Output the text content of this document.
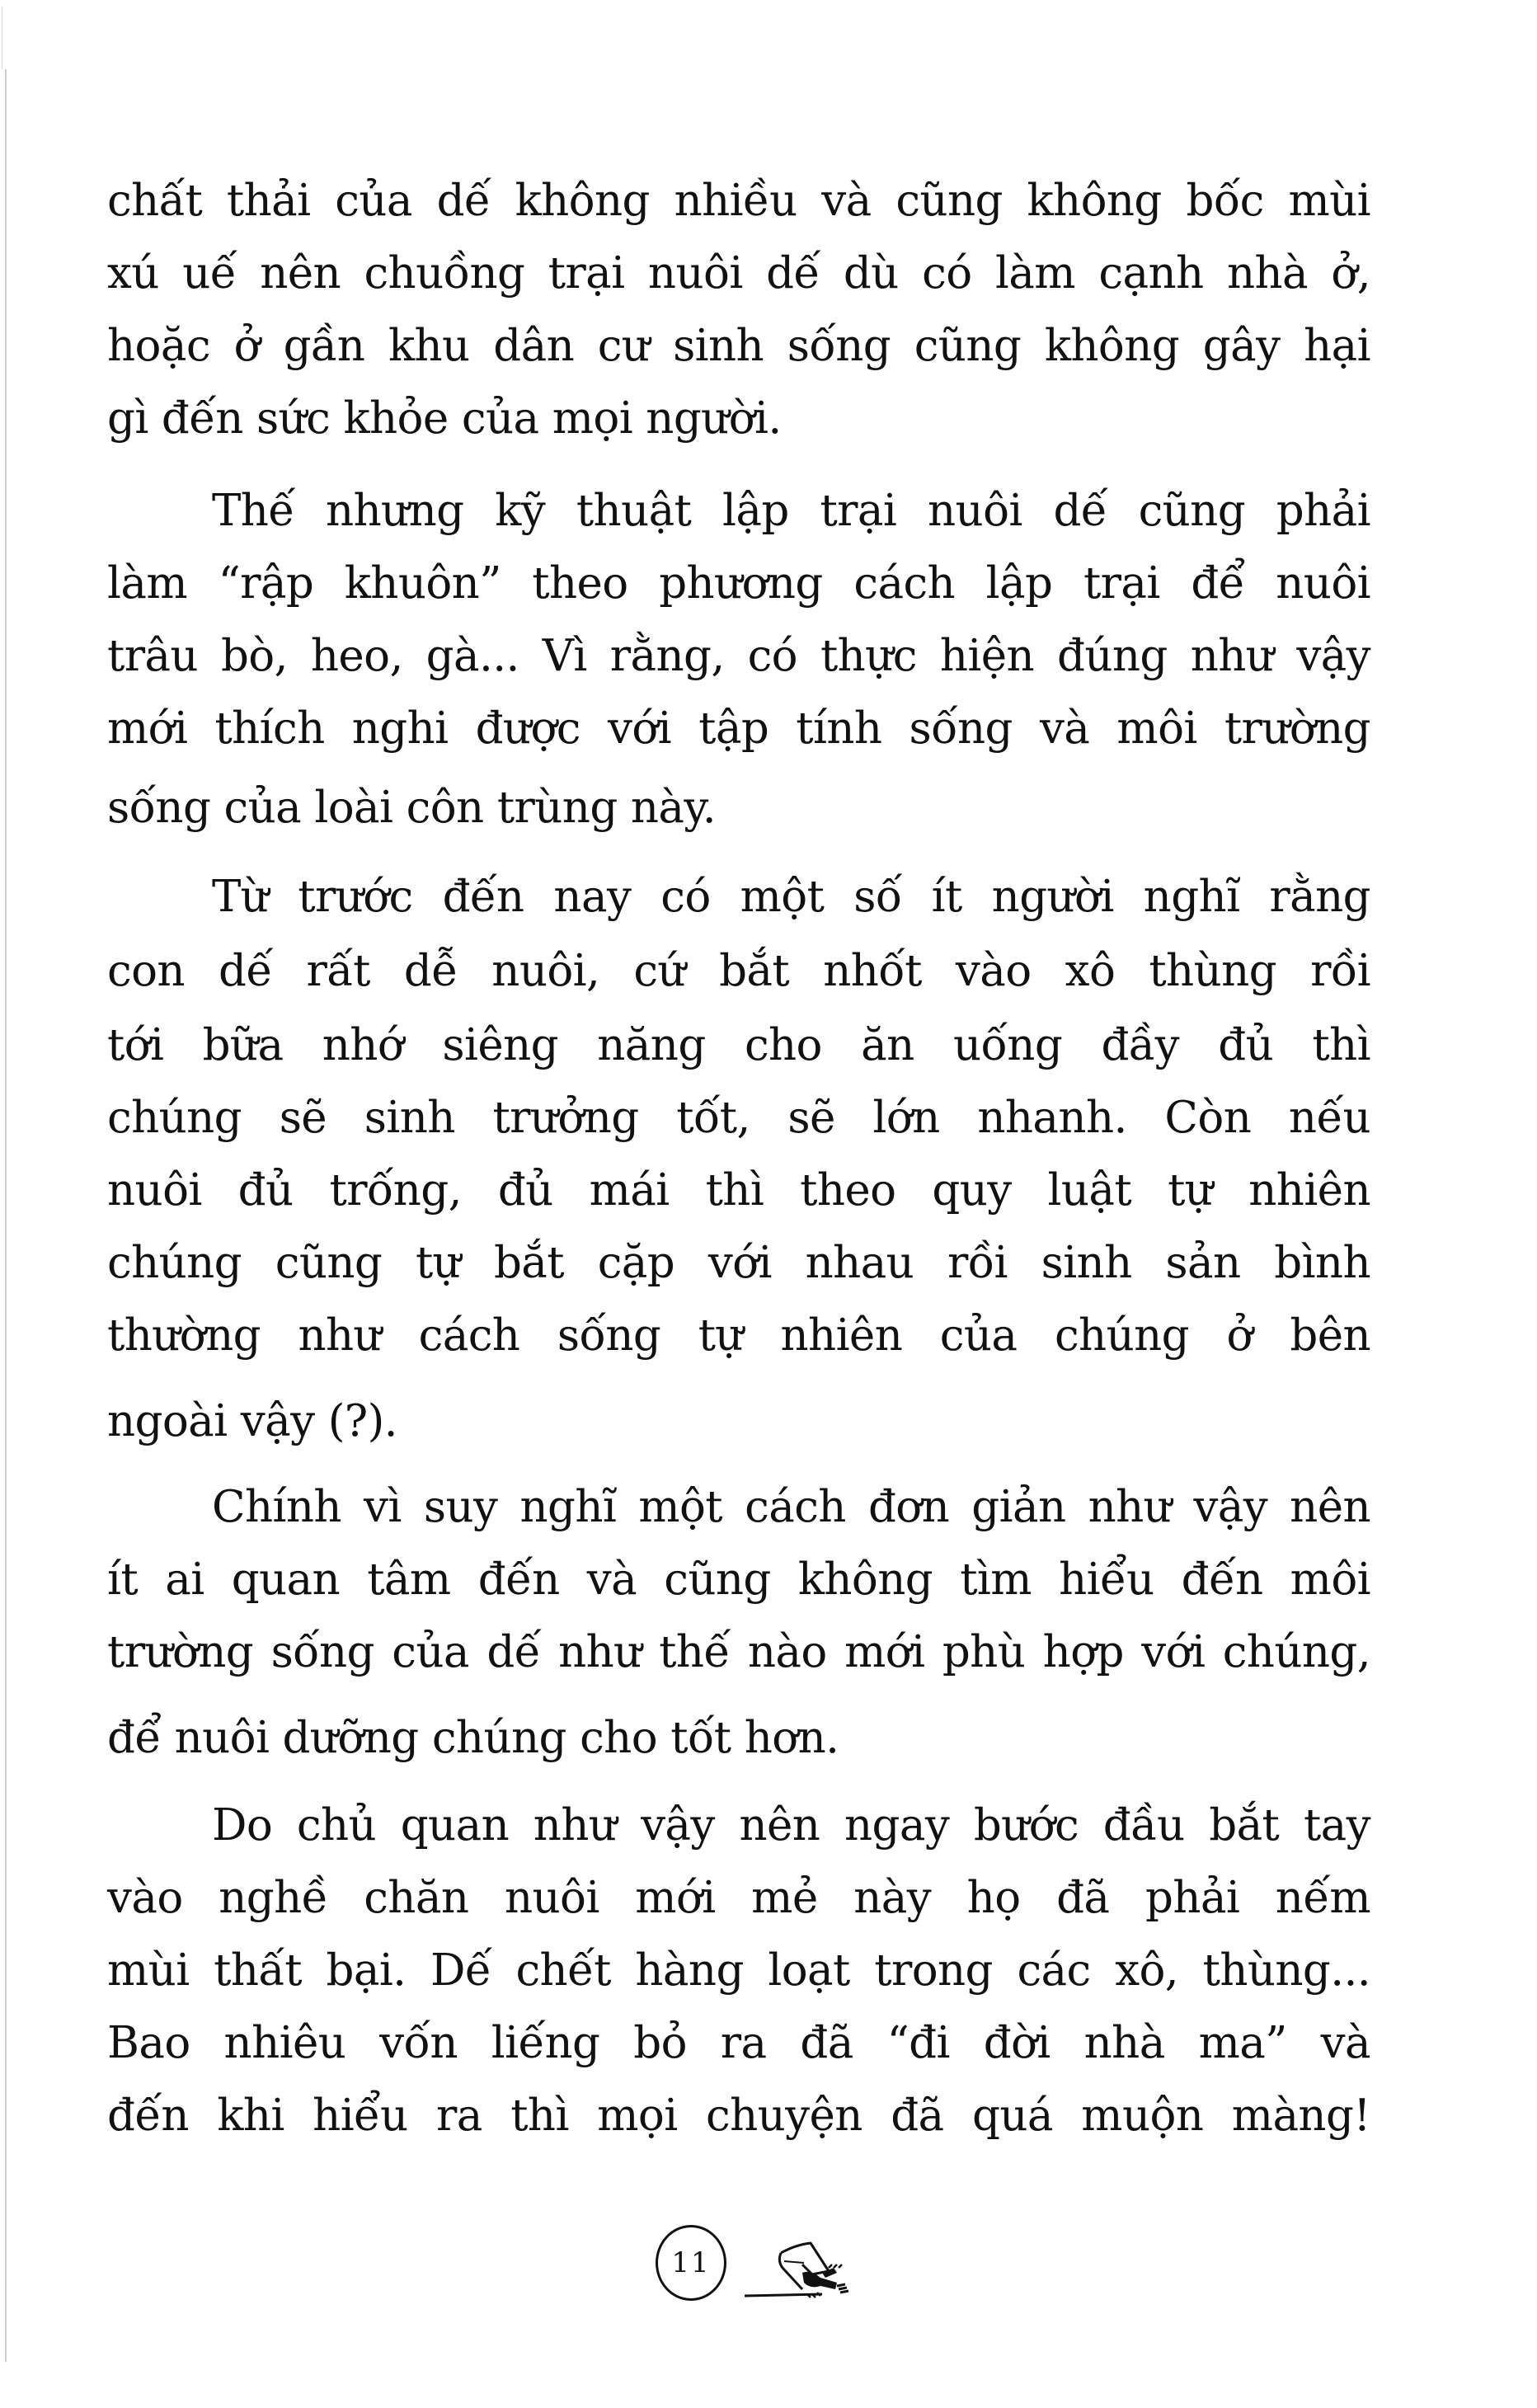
chất thải của dế không nhiều và cũng không bốc mùi
xú uế nên chuồng trại nuôi dế dù có làm cạnh nhà ở,
hoặc ở gần khu dân cư sinh sống cũng không gây hại
gì đến sức khỏe của mọi người.
Thế nhưng kỹ thuật lập trại nuôi dế cũng phải
làm “rập khuôn” theo phương cách lập trại để nuôi
trâu bò, heo, gà... Vì rằng, có thực hiện đúng như vậy
mới thích nghi được với tập tính sống và môi trường
sống của loài côn trùng này.
Từ trước đến nay có một số ít người nghĩ rằng
con dế rất dễ nuôi, cứ bắt nhốt vào xô thùng rồi
tới bữa nhớ siêng năng cho ăn uống đầy đủ thì
chúng sẽ sinh trưởng tốt, sẽ lớn nhanh. Còn nếu
nuôi đủ trống, đủ mái thì theo quy luật tự nhiên
chúng cũng tự bắt cặp với nhau rồi sinh sản bình
thường như cách sống tự nhiên của chúng ở bên
ngoài vậy (?).
Chính vì suy nghĩ một cách đơn giản như vậy nên
ít ai quan tâm đến và cũng không tìm hiểu đến môi
trường sống của dế như thế nào mới phù hợp với chúng,
để nuôi dưỡng chúng cho tốt hơn.
Do chủ quan như vậy nên ngay bước đầu bắt tay
vào nghề chăn nuôi mới mẻ này họ đã phải nếm
mùi thất bại. Dế chết hàng loạt trong các xô, thùng...
Bao nhiêu vốn liếng bỏ ra đã “đi đời nhà ma” và
đến khi hiểu ra thì mọi chuyện đã quá muộn màng!
11
